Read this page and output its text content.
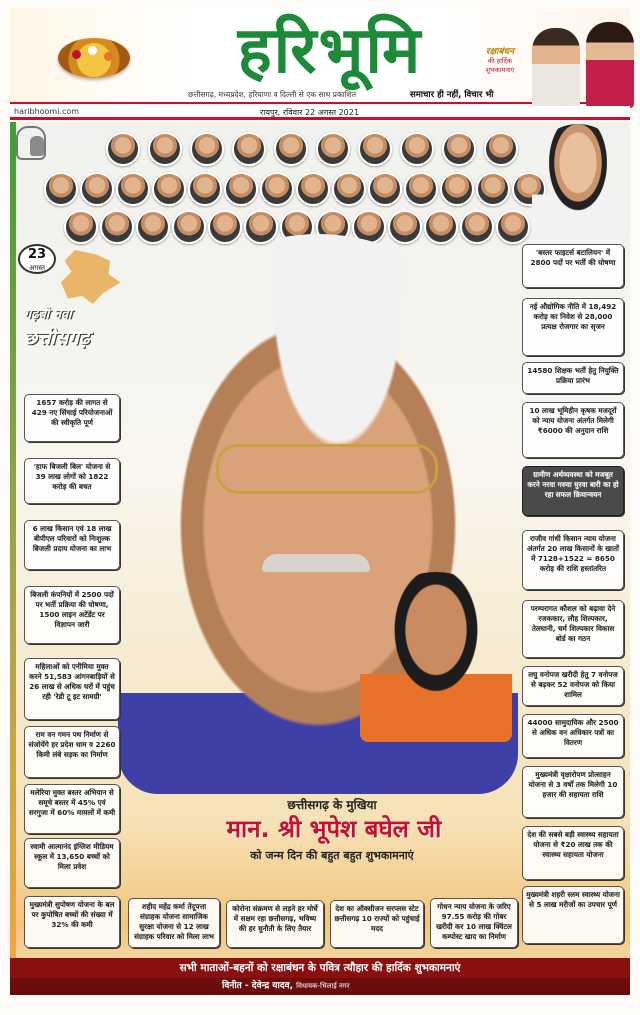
हरिभूमि	रक्षाबंधन
की हार्दिक शुभकामनाएं
छत्तीसगढ़, मध्यप्रदेश, हरियाणा व दिल्ली से एक साथ प्रकाशित	समाचार ही नहीं, विचार भी
haribhoomi.com	रायपुर, रविवार 22 अगस्त 2021
23
अगस्त
गढ़बो नवा
छत्तीसगढ़
1657 करोड़ की लागत से 429 नए सिंचाई परियोजनाओं की स्वीकृति पूर्ण
'हाफ बिजली बिल' योजना से 39 लाख लोगों को 1822 करोड़ की बचत
6 लाख किसान एवं 18 लाख बीपीएल परिवारों को निःशुल्क बिजली प्रदाय योजना का लाभ
बिजली कंपनियों में 2500 पदों पर भर्ती प्रक्रिया की घोषणा, 1500 लाइन अटेंडेंट पर विज्ञापन जारी
महिलाओं को एनीमिया मुक्त करने 51,583 आंगनबाड़ियों से 26 लाख से अधिक घरों में पहुंच रही 'रेडी टू इट सामग्री'
राम वन गमन पथ निर्माण से संजोयेंगे हर प्रदेश धाम व 2260 किमी लंबे सड़क का निर्माण
मलेरिया मुक्त बस्तर अभियान से समूचे बस्तर में 45% एवं सरगुजा में 60% मामलों में कमी
स्वामी आत्मानंद इंग्लिश मीडियम स्कूल में 13,650 बच्चों को मिला प्रवेश
मुख्यमंत्री सुपोषण योजना के बल पर कुपोषित बच्चों की संख्या में 32% की कमी
'बस्तर फाइटर्स बटालियन' में 2800 पदों पर भर्ती की घोषणा
नई औद्योगिक नीति में 18,492 करोड़ का निवेश से 28,000 प्रत्यक्ष रोजगार का सृजन
14580 शिक्षक भर्ती हेतु नियुक्ति प्रक्रिया प्रारंभ
10 लाख भूमिहीन कृषक मजदूरों को न्याय योजना अंतर्गत मिलेगी ₹6000 की अनुदान राशि
ग्रामीण अर्थव्यवस्था को मजबूत करने नरवा गरुवा घुरवा बारी का हो रहा सफल क्रियान्वयन
राजीव गांधी किसान न्याय योजना अंतर्गत 20 लाख किसानों के खातों में 7128+1522 = 8650 करोड़ की राशि हस्तांतरित
परम्परागत कौशल को बढ़ावा देने रजककार, लौह शिल्पकार, तेलघानी, चर्म शिल्पकार विकास बोर्ड का गठन
लघु वनोपज खरीदी हेतु 7 वनोपज से बढ़कर 52 वनोपज को किया शामिल
44000 सामुदायिक और 2500 से अधिक वन अधिकार पत्रों का वितरण
मुख्यमंत्री वृक्षारोपण प्रोत्साहन योजना से 3 वर्षों तक मिलेगी 10 हजार की सहायता राशि
देश की सबसे बड़ी स्वास्थ्य सहायता योजना से ₹20 लाख तक की स्वास्थ्य सहायता योजना
मुख्यमंत्री शहरी स्लम स्वास्थ्य योजना से 5 लाख मरीजों का उपचार पूर्ण
छत्तीसगढ़ के मुखिया
मान. श्री भूपेश बघेल जी
को जन्म दिन की बहुत बहुत शुभकामनाएं
शहीद महेंद्र कर्मा तेंदूपत्ता संग्राहक योजना सामाजिक सुरक्षा योजना से 12 लाख संग्राहक परिवार को मिला लाभ
कोरोना संक्रमण से लड़ने हर मोर्चे में सक्षम रहा छत्तीसगढ़, भविष्य की हर चुनौती के लिए तैयार
देश का ऑक्सीजन सरप्लस स्टेट छत्तीसगढ़ 10 राज्यों को पहुंचाई मदद
गोधन न्याय योजना के जरिए 97.55 करोड़ की गोबर खरीदी कर 10 लाख क्विंटल कम्पोस्ट खाद का निर्माण
सभी माताओं-बहनों को रक्षाबंधन के पवित्र त्यौहार की हार्दिक शुभकामनाएं
विनीत - देवेन्द्र यादव, विधायक-भिलाई नगर
